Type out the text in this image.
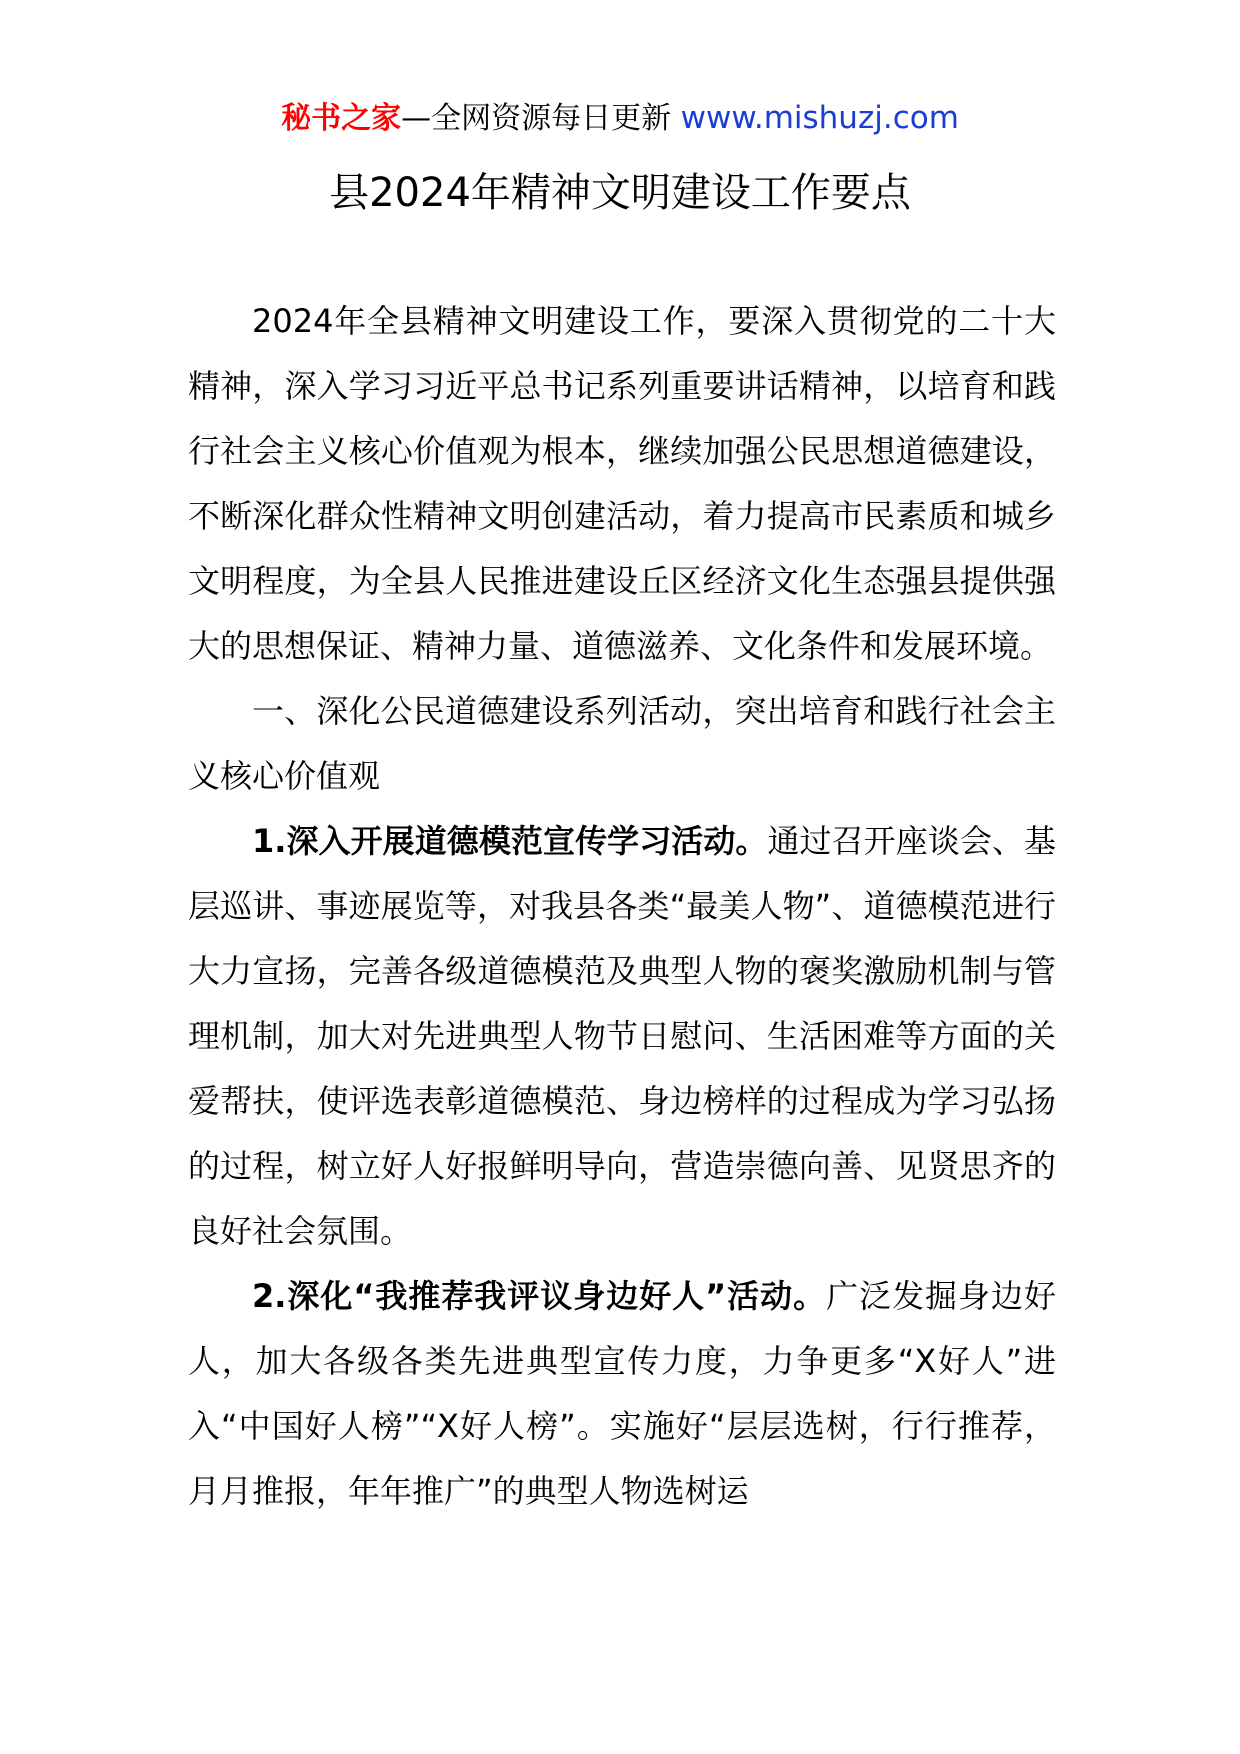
秘书之家—全网资源每日更新 www.mishuzj.com
县2024年精神文明建设工作要点

2024年全县精神文明建设工作，要深入贯彻党的二十大精神，深入学习习近平总书记系列重要讲话精神，以培育和践行社会主义核心价值观为根本，继续加强公民思想道德建设，不断深化群众性精神文明创建活动，着力提高市民素质和城乡文明程度，为全县人民推进建设丘区经济文化生态强县提供强大的思想保证、精神力量、道德滋养、文化条件和发展环境。

一、深化公民道德建设系列活动，突出培育和践行社会主义核心价值观

1.深入开展道德模范宣传学习活动。通过召开座谈会、基层巡讲、事迹展览等，对我县各类“最美人物”、道德模范进行大力宣扬，完善各级道德模范及典型人物的褒奖激励机制与管理机制，加大对先进典型人物节日慰问、生活困难等方面的关爱帮扶，使评选表彰道德模范、身边榜样的过程成为学习弘扬的过程，树立好人好报鲜明导向，营造崇德向善、见贤思齐的良好社会氛围。

2.深化“我推荐我评议身边好人”活动。广泛发掘身边好人，加大各级各类先进典型宣传力度，力争更多“X好人”进入“中国好人榜”“X好人榜”。实施好“层层选树，行行推荐，月月推报，年年推广”的典型人物选树运
